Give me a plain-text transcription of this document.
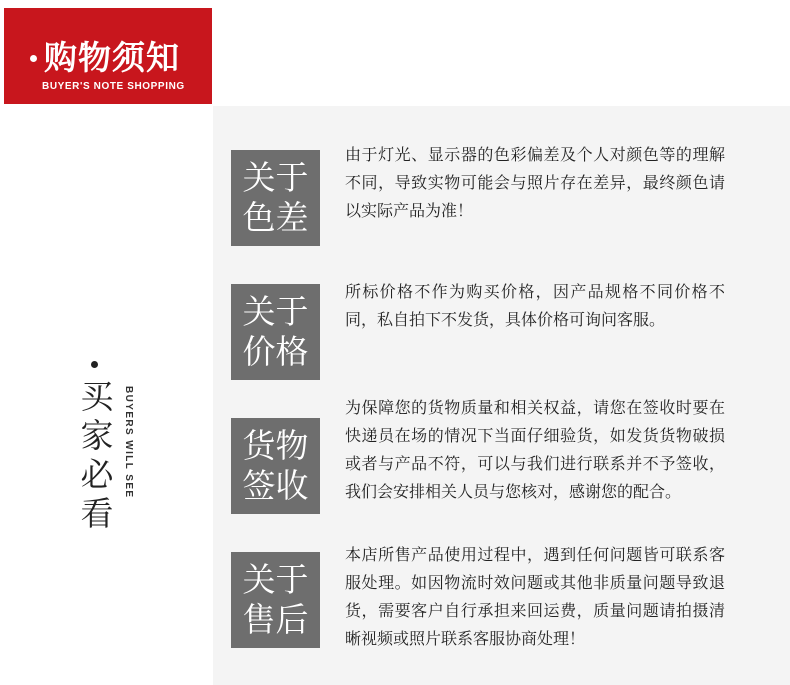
购物须知
BUYER'S NOTE SHOPPING
买
家
必
看
BUYERS WILL SEE
关于
色差
由于灯光、显示器的色彩偏差及个人对颜色等的理解不同，导致实物可能会与照片存在差异，最终颜色请以实际产品为准！
关于
价格
所标价格不作为购买价格，因产品规格不同价格不同，私自拍下不发货，具体价格可询问客服。
货物
签收
为保障您的货物质量和相关权益，请您在签收时要在快递员在场的情况下当面仔细验货，如发货货物破损或者与产品不符，可以与我们进行联系并不予签收，我们会安排相关人员与您核对，感谢您的配合。
关于
售后
本店所售产品使用过程中，遇到任何问题皆可联系客服处理。如因物流时效问题或其他非质量问题导致退货，需要客户自行承担来回运费，质量问题请拍摄清晰视频或照片联系客服协商处理！
